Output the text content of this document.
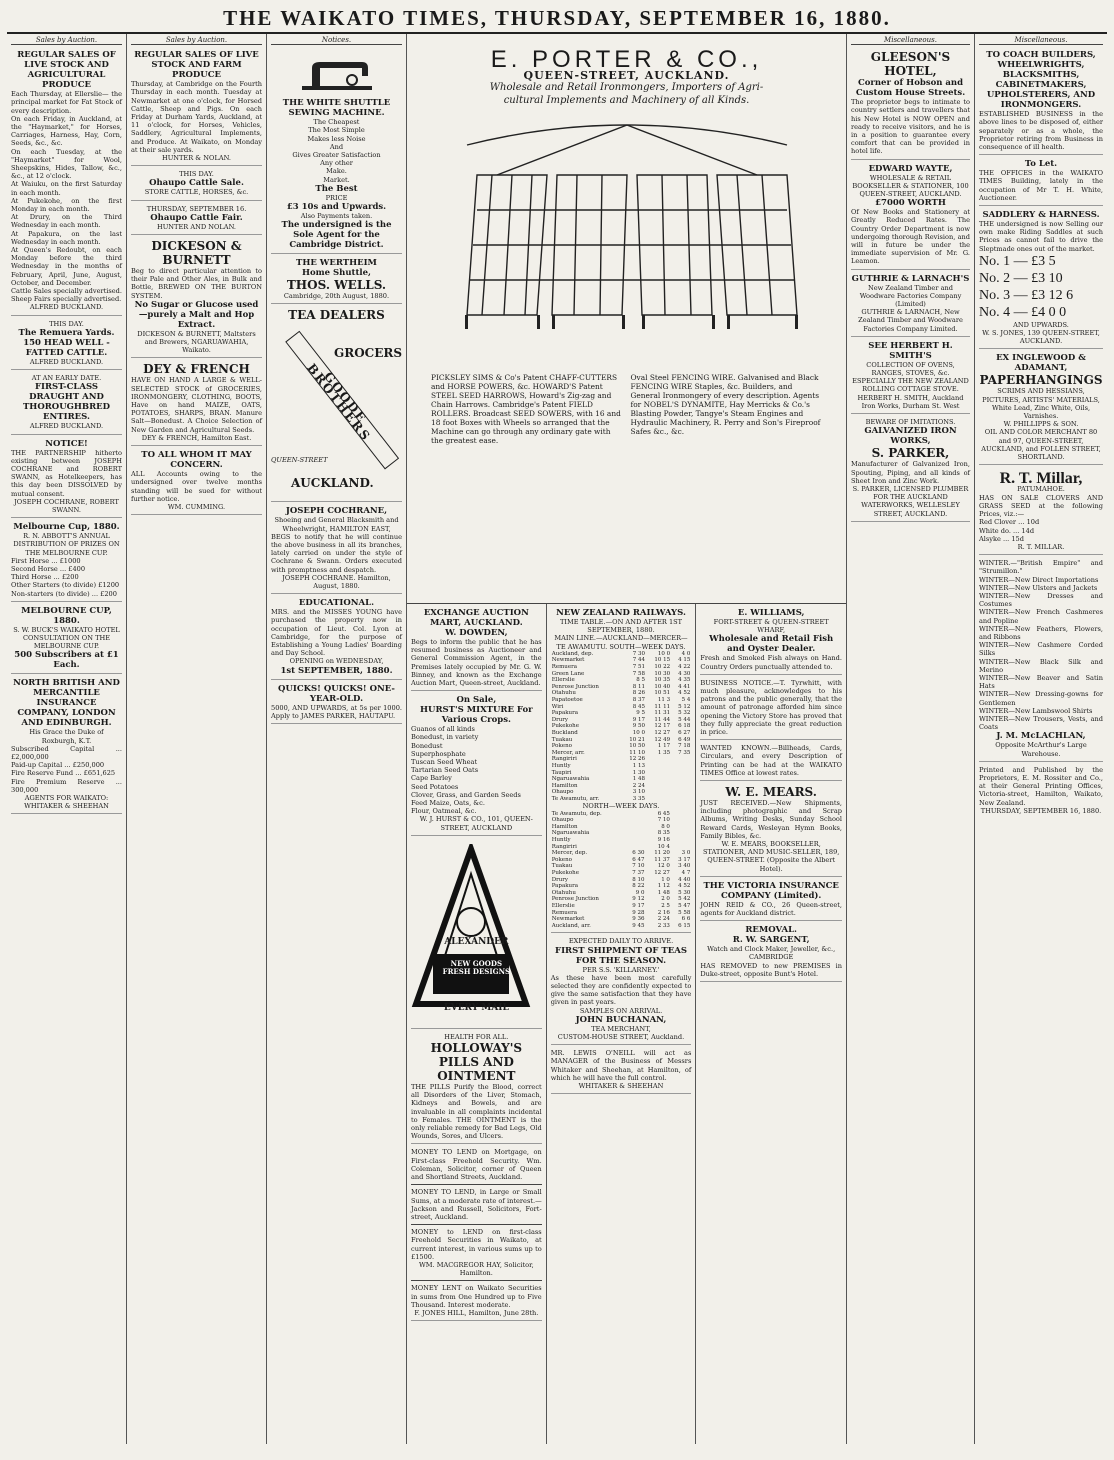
THE WAIKATO TIMES, THURSDAY, SEPTEMBER 16, 1880.
Sales by Auction.
REGULAR SALES OF LIVE STOCK AND AGRICULTURAL PRODUCE
Each Thursday, at Ellerslie— the principal market for Fat Stock of every description.
On each Friday, in Auckland, at the "Haymarket," for Horses, Carriages, Harness, Hay, Corn, Seeds, &c., &c.
On each Tuesday, at the "Haymarket" for Wool, Sheepskins, Hides, Tallow, &c., &c., at 12 o'clock.
At Waiuku, on the first Saturday in each month.
At Pukekohe, on the first Monday in each month.
At Drury, on the Third Wednesday in each month.
At Papakura, on the last Wednesday in each month.
At Queen's Redoubt, on each Monday before the third Wednesday in the months of February, April, June, August, October, and December.
Cattle Sales specially advertised. Sheep Fairs specially advertised.
ALFRED BUCKLAND.
THIS DAY.
The Remuera Yards.
150 HEAD WELL - FATTED CATTLE.
ALFRED BUCKLAND.
AT AN EARLY DATE.
FIRST-CLASS DRAUGHT AND THOROUGHBRED ENTIRES.
ALFRED BUCKLAND.
NOTICE!
THE PARTNERSHIP hitherto existing between JOSEPH COCHRANE and ROBERT SWANN, as Hotelkeepers, has this day been DISSOLVED by mutual consent.
JOSEPH COCHRANE, ROBERT SWANN.
Melbourne Cup, 1880.
R. N. ABBOTT'S ANNUAL DISTRIBUTION OF PRIZES ON THE MELBOURNE CUP.
First Horse ... £1000
Second Horse ... £400
Third Horse ... £200
Other Starters (to divide) £1200
Non-starters (to divide) ... £200
MELBOURNE CUP, 1880.
S. W. BUCK'S WAIKATO HOTEL CONSULTATION ON THE MELBOURNE CUP.
500 Subscribers at £1 Each.
NORTH BRITISH AND MERCANTILE INSURANCE COMPANY, LONDON AND EDINBURGH.
His Grace the Duke of Roxburgh, K.T.
Subscribed Capital ... £2,000,000
Paid-up Capital ... £250,000
Fire Reserve Fund ... £651,625
Fire Premium Reserve ... 300,000
AGENTS FOR WAIKATO: WHITAKER & SHEEHAN
Sales by Auction.
REGULAR SALES OF LIVE STOCK AND FARM PRODUCE
Thursday, at Cambridge on the Fourth Thursday in each month. Tuesday at Newmarket at one o'clock, for Horsed Cattle, Sheep and Pigs. On each Friday at Durham Yards, Auckland, at 11 o'clock, for Horses, Vehicles, Saddlery, Agricultural Implements, and Produce. At Waikato, on Monday at their sale yards.
HUNTER & NOLAN.
THIS DAY.
Ohaupo Cattle Sale.
STORE CATTLE, HORSES, &c.
THURSDAY, SEPTEMBER 16.
Ohaupo Cattle Fair.
HUNTER AND NOLAN.
DICKESON & BURNETT
Beg to direct particular attention to their Pale and Other Ales, in Bulk and Bottle, BREWED ON THE BURTON SYSTEM.
No Sugar or Glucose used—purely a Malt and Hop Extract.
DICKESON & BURNETT, Maltsters and Brewers, NGARUAWAHIA, Waikato.
DEY & FRENCH
HAVE ON HAND A LARGE & WELL-SELECTED STOCK of GROCERIES, IRONMONGERY, CLOTHING, BOOTS, Have on hand MAIZE, OATS, POTATOES, SHARPS, BRAN. Manure Salt—Bonedust. A Choice Selection of New Garden and Agricultural Seeds.
DEY & FRENCH, Hamilton East.
TO ALL WHOM IT MAY CONCERN.
ALL Accounts owing to the undersigned over twelve months standing will be sued for without further notice.
WM. CUMMING.
Notices.
THE WHITE SHUTTLE SEWING MACHINE.
The Cheapest
The Most Simple
Makes less Noise
And
Gives Greater Satisfaction
Any other
Make.
Market.
The Best
PRICE
£3 10s and Upwards.
Also Payments taken.
The undersigned is the Sole Agent for the Cambridge District.
THE WERTHEIM
Home Shuttle,
THOS. WELLS.
Cambridge, 20th August, 1880.
TEA DEALERS
GOODE BROTHERS
GROCERS
QUEEN-STREET
AUCKLAND.
JOSEPH COCHRANE,
Shoeing and General Blacksmith and Wheelwright, HAMILTON EAST,
BEGS to notify that he will continue the above business in all its branches, lately carried on under the style of Cochrane & Swann. Orders executed with promptness and despatch.
JOSEPH COCHRANE. Hamilton, August, 1880.
EDUCATIONAL.
MRS. and the MISSES YOUNG have purchased the property now in occupation of Lieut. Col. Lyon at Cambridge, for the purpose of Establishing a Young Ladies' Boarding and Day School.
OPENING on WEDNESDAY,
1st SEPTEMBER, 1880.
QUICKS! QUICKS! ONE-YEAR-OLD.
5000, AND UPWARDS, at 5s per 1000. Apply to JAMES PARKER, HAUTAPU.
E. PORTER & CO.,
QUEEN-STREET, AUCKLAND.
Wholesale and Retail Ironmongers, Importers of Agri-
cultural Implements and Machinery of all Kinds.
PICKSLEY SIMS & Co's Patent CHAFF-CUTTERS and HORSE POWERS, &c. HOWARD'S Patent STEEL SEED HARROWS, Howard's Zig-zag and Chain Harrows. Cambridge's Patent FIELD ROLLERS. Broadcast SEED SOWERS, with 16 and 18 foot Boxes with Wheels so arranged that the Machine can go through any ordinary gate with the greatest ease.
Oval Steel FENCING WIRE. Galvanised and Black FENCING WIRE Staples, &c. Builders, and General Ironmongery of every description. Agents for NOBEL'S DYNAMITE, Hay Merricks & Co.'s Blasting Powder, Tangye's Steam Engines and Hydraulic Machinery, R. Perry and Son's Fireproof Safes &c., &c.
EXCHANGE AUCTION MART, AUCKLAND.
W. DOWDEN,
Begs to inform the public that he has resumed business as Auctioneer and General Commission Agent, in the Premises lately occupied by Mr. G. W. Binney, and known as the Exchange Auction Mart, Queen-street, Auckland.
On Sale,
HURST'S MIXTURE For Various Crops.
Guanos of all kinds
Bonedust, in variety
Bonedust
Superphosphate
Tuscan Seed Wheat
Tartarian Seed Oats
Cape Barley
Seed Potatoes
Clover, Grass, and Garden Seeds
Feed Maize, Oats, &c.
Flour, Oatmeal, &c.
W. J. HURST & CO., 101, QUEEN-STREET, AUCKLAND
ALEXANDER
NEW GOODS FRESH DESIGNS
EVERY MAIL
HEALTH FOR ALL.
HOLLOWAY'S PILLS AND OINTMENT
THE PILLS Purify the Blood, correct all Disorders of the Liver, Stomach, Kidneys and Bowels, and are invaluable in all complaints incidental to Females. THE OINTMENT is the only reliable remedy for Bad Legs, Old Wounds, Sores, and Ulcers.
MONEY TO LEND on Mortgage, on First-class Freehold Security. Wm. Coleman, Solicitor, corner of Queen and Shortland Streets, Auckland.
MONEY TO LEND, in Large or Small Sums, at a moderate rate of interest.—Jackson and Russell, Solicitors, Fort-street, Auckland.
MONEY to LEND on first-class Freehold Securities in Waikato, at current interest, in various sums up to £1500.
WM. MACGREGOR HAY, Solicitor, Hamilton.
MONEY LENT on Waikato Securities in sums from One Hundred up to Five Thousand. Interest moderate.
F. JONES HILL, Hamilton, June 28th.
NEW ZEALAND RAILWAYS.
TIME TABLE.—ON AND AFTER 1ST SEPTEMBER, 1880.
MAIN LINE.—AUCKLAND—MERCER—TE AWAMUTU. SOUTH—WEEK DAYS.
Auckland, dep.	7 30	10 0	4 0
Newmarket	7 44	10 15	4 15
Remuera	7 51	10 22	4 22
Green Lane	7 58	10 30	4 30
Ellerslie	8 5	10 35	4 35
Penrose Junction	8 11	10 40	4 41
Otahuhu	8 26	10 51	4 52
Papatoetoe	8 37	11 3	5 4
Wiri	8 45	11 11	5 12
Papakura	9 5	11 31	5 32
Drury	9 17	11 44	5 44
Pukekohe	9 50	12 17	6 18
Buckland	10 0	12 27	6 27
Tuakau	10 21	12 49	6 49
Pokeno	10 50	1 17	7 18
Mercer, arr.	11 10	1 35	7 35
Rangiriri	12 26		
Huntly	1 13		
Taupiri	1 30		
Ngaruawahia	1 48		
Hamilton	2 24		
Ohaupo	3 10		
Te Awamutu, arr.	3 35		
NORTH—WEEK DAYS.
Te Awamutu, dep.		6 45	
Ohaupo		7 10	
Hamilton		8 0	
Ngaruawahia		8 35	
Huntly		9 16	
Rangiriri		10 4	
Mercer, dep.	6 30	11 20	3 0
Pokeno	6 47	11 37	3 17
Tuakau	7 10	12 0	3 40
Pukekohe	7 37	12 27	4 7
Drury	8 10	1 0	4 40
Papakura	8 22	1 12	4 52
Otahuhu	9 0	1 48	5 30
Penrose Junction	9 12	2 0	5 42
Ellerslie	9 17	2 5	5 47
Remuera	9 28	2 16	5 58
Newmarket	9 36	2 24	6 6
Auckland, arr.	9 45	2 33	6 15
EXPECTED DAILY TO ARRIVE.
FIRST SHIPMENT OF TEAS FOR THE SEASON.
PER S.S. 'KILLARNEY.'
As these have been most carefully selected they are confidently expected to give the same satisfaction that they have given in past years.
SAMPLES ON ARRIVAL.
JOHN BUCHANAN,
TEA MERCHANT,
CUSTOM-HOUSE STREET, Auckland.
MR. LEWIS O'NEILL will act as MANAGER of the Business of Messrs Whitaker and Sheehan, at Hamilton, of which he will have the full control.
WHITAKER & SHEEHAN
E. WILLIAMS,
FORT-STREET & QUEEN-STREET WHARF,
Wholesale and Retail Fish and Oyster Dealer.
Fresh and Smoked Fish always on Hand. Country Orders punctually attended to.
BUSINESS NOTICE.—T. Tyrwhitt, with much pleasure, acknowledges to his patrons and the public generally, that the amount of patronage afforded him since opening the Victory Store has proved that they fully appreciate the great reduction in price.
WANTED KNOWN.—Billheads, Cards, Circulars, and every Description of Printing can be had at the WAIKATO TIMES Office at lowest rates.
W. E. MEARS.
JUST RECEIVED.—New Shipments, including photographic and Scrap Albums, Writing Desks, Sunday School Reward Cards, Wesleyan Hymn Books, Family Bibles, &c.
W. E. MEARS, BOOKSELLER, STATIONER, AND MUSIC-SELLER, 189, QUEEN-STREET. (Opposite the Albert Hotel).
THE VICTORIA INSURANCE COMPANY (Limited).
JOHN REID & CO., 26 Queen-street, agents for Auckland district.
REMOVAL.
R. W. SARGENT,
Watch and Clock Maker, Jeweller, &c., CAMBRIDGE
HAS REMOVED to new PREMISES in Duke-street, opposite Bunt's Hotel.
Miscellaneous.
GLEESON'S HOTEL,
Corner of Hobson and Custom House Streets.
The proprietor begs to intimate to country settlers and travellers that his New Hotel is NOW OPEN and ready to receive visitors, and he is in a position to guarantee every comfort that can be provided in hotel life.
EDWARD WAYTE,
WHOLESALE & RETAIL BOOKSELLER & STATIONER, 100 QUEEN-STREET, AUCKLAND.
£7000 WORTH
Of New Books and Stationery at Greatly Reduced Rates. The Country Order Department is now undergoing thorough Revision, and will in future be under the immediate supervision of Mr. G. Leamon.
GUTHRIE & LARNACH'S
New Zealand Timber and Woodware Factories Company (Limited)
GUTHRIE & LARNACH, New Zealand Timber and Woodware Factories Company Limited.
SEE HERBERT H. SMITH'S
COLLECTION OF OVENS, RANGES, STOVES, &c. ESPECIALLY THE NEW ZEALAND ROLLING COTTAGE STOVE.
HERBERT H. SMITH, Auckland Iron Works, Durham St. West
BEWARE OF IMITATIONS.
GALVANIZED IRON WORKS,
S. PARKER,
Manufacturer of Galvanized Iron, Spouting, Piping, and all kinds of Sheet Iron and Zinc Work.
S. PARKER, LICENSED PLUMBER FOR THE AUCKLAND WATERWORKS, WELLESLEY STREET, AUCKLAND.
Miscellaneous.
TO COACH BUILDERS, WHEELWRIGHTS, BLACKSMITHS, CABINETMAKERS, UPHOLSTERERS, AND IRONMONGERS.
ESTABLISHED BUSINESS in the above lines to be disposed of, either separately or as a whole, the Proprietor retiring from Business in consequence of ill health.
To Let.
THE OFFICES in the WAIKATO TIMES Building, lately in the occupation of Mr T. H. White, Auctioneer.
SADDLERY & HARNESS.
THE undersigned is now Selling our own make Riding Saddles at such Prices as cannot fail to drive the Sleptmade ones out of the market.
No. 1 — £3 5
No. 2 — £3 10
No. 3 — £3 12 6
No. 4 — £4 0 0
AND UPWARDS.
W. S. JONES, 139 QUEEN-STREET, AUCKLAND.
EX INGLEWOOD & ADAMANT,
PAPERHANGINGS
SCRIMS AND HESSIANS, PICTURES, ARTISTS' MATERIALS, White Lead, Zinc White, Oils, Varnishes.
W. PHILLIPPS & SON.
OIL AND COLOR MERCHANT 80 and 97, QUEEN-STREET, AUCKLAND, and FOLLEN STREET, SHORTLAND.
R. T. Millar,
PATUMAHOE.
HAS ON SALE CLOVERS AND GRASS SEED at the following Prices, viz.:—
Red Clover ... 10d
White do. ... 14d
Alsyke ... 15d
R. T. MILLAR.
WINTER.—"British Empire" and "Strumillon."
WINTER—New Direct Importations
WINTER—New Ulsters and Jackets
WINTER—New Dresses and Costumes
WINTER—New French Cashmeres and Popline
WINTER—New Feathers, Flowers, and Ribbons
WINTER—New Cashmere Corded Silks
WINTER—New Black Silk and Merino
WINTER—New Beaver and Satin Hats
WINTER—New Dressing-gowns for Gentlemen
WINTER—New Lambswool Shirts
WINTER—New Trousers, Vests, and Coats
J. M. McLACHLAN,
Opposite McArthur's Large Warehouse.
Printed and Published by the Proprietors, E. M. Rossiter and Co., at their General Printing Offices, Victoria-street, Hamilton, Waikato, New Zealand.
THURSDAY, SEPTEMBER 16, 1880.
